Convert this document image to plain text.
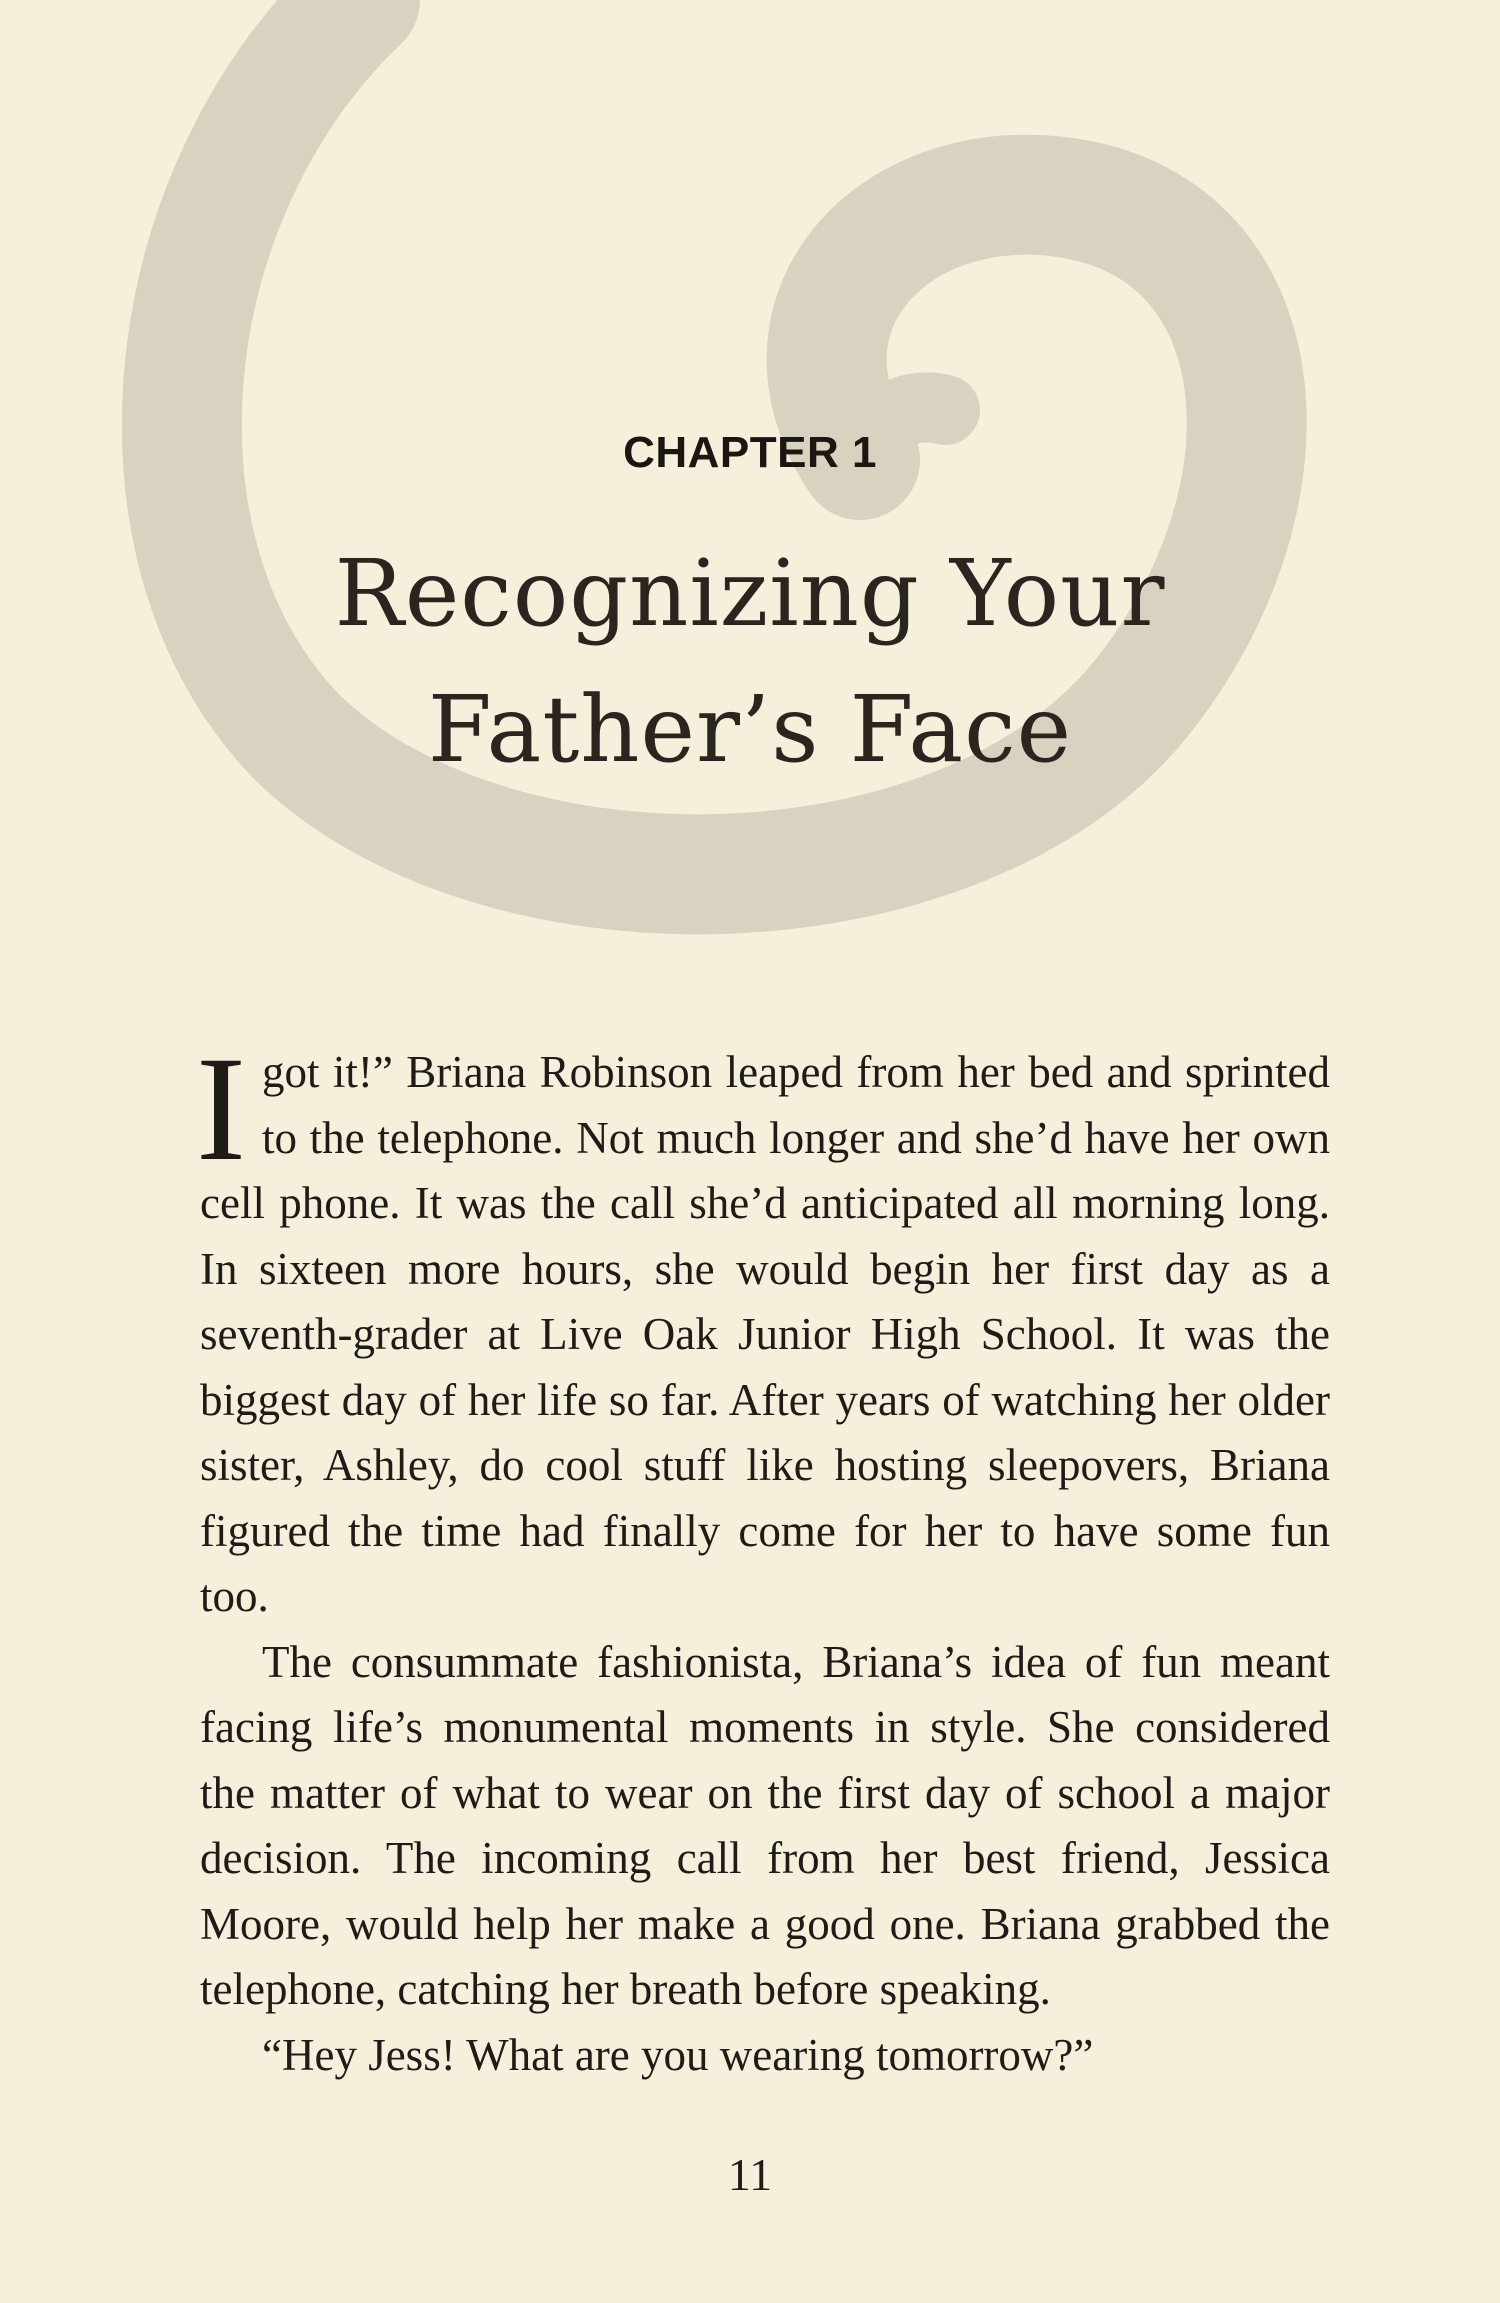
CHAPTER 1
Recognizing Your
Father’s Face

Igot it!” Briana Robinson leaped from her bed and sprinted to the telephone. Not much longer and she’d have her own cell phone. It was the call she’d anticipated all morning long. In sixteen more hours, she would begin her first day as a seventh-grader at Live Oak Junior High School. It was the biggest day of her life so far. After years of watching her older sister, Ashley, do cool stuff like hosting sleepovers, Briana figured the time had finally come for her to have some fun too.

The consummate fashionista, Briana’s idea of fun meant facing life’s monumental moments in style. She considered the matter of what to wear on the first day of school a major decision. The incoming call from her best friend, Jessica Moore, would help her make a good one. Briana grabbed the telephone, catching her breath before speaking.

“Hey Jess! What are you wearing tomorrow?”

11
